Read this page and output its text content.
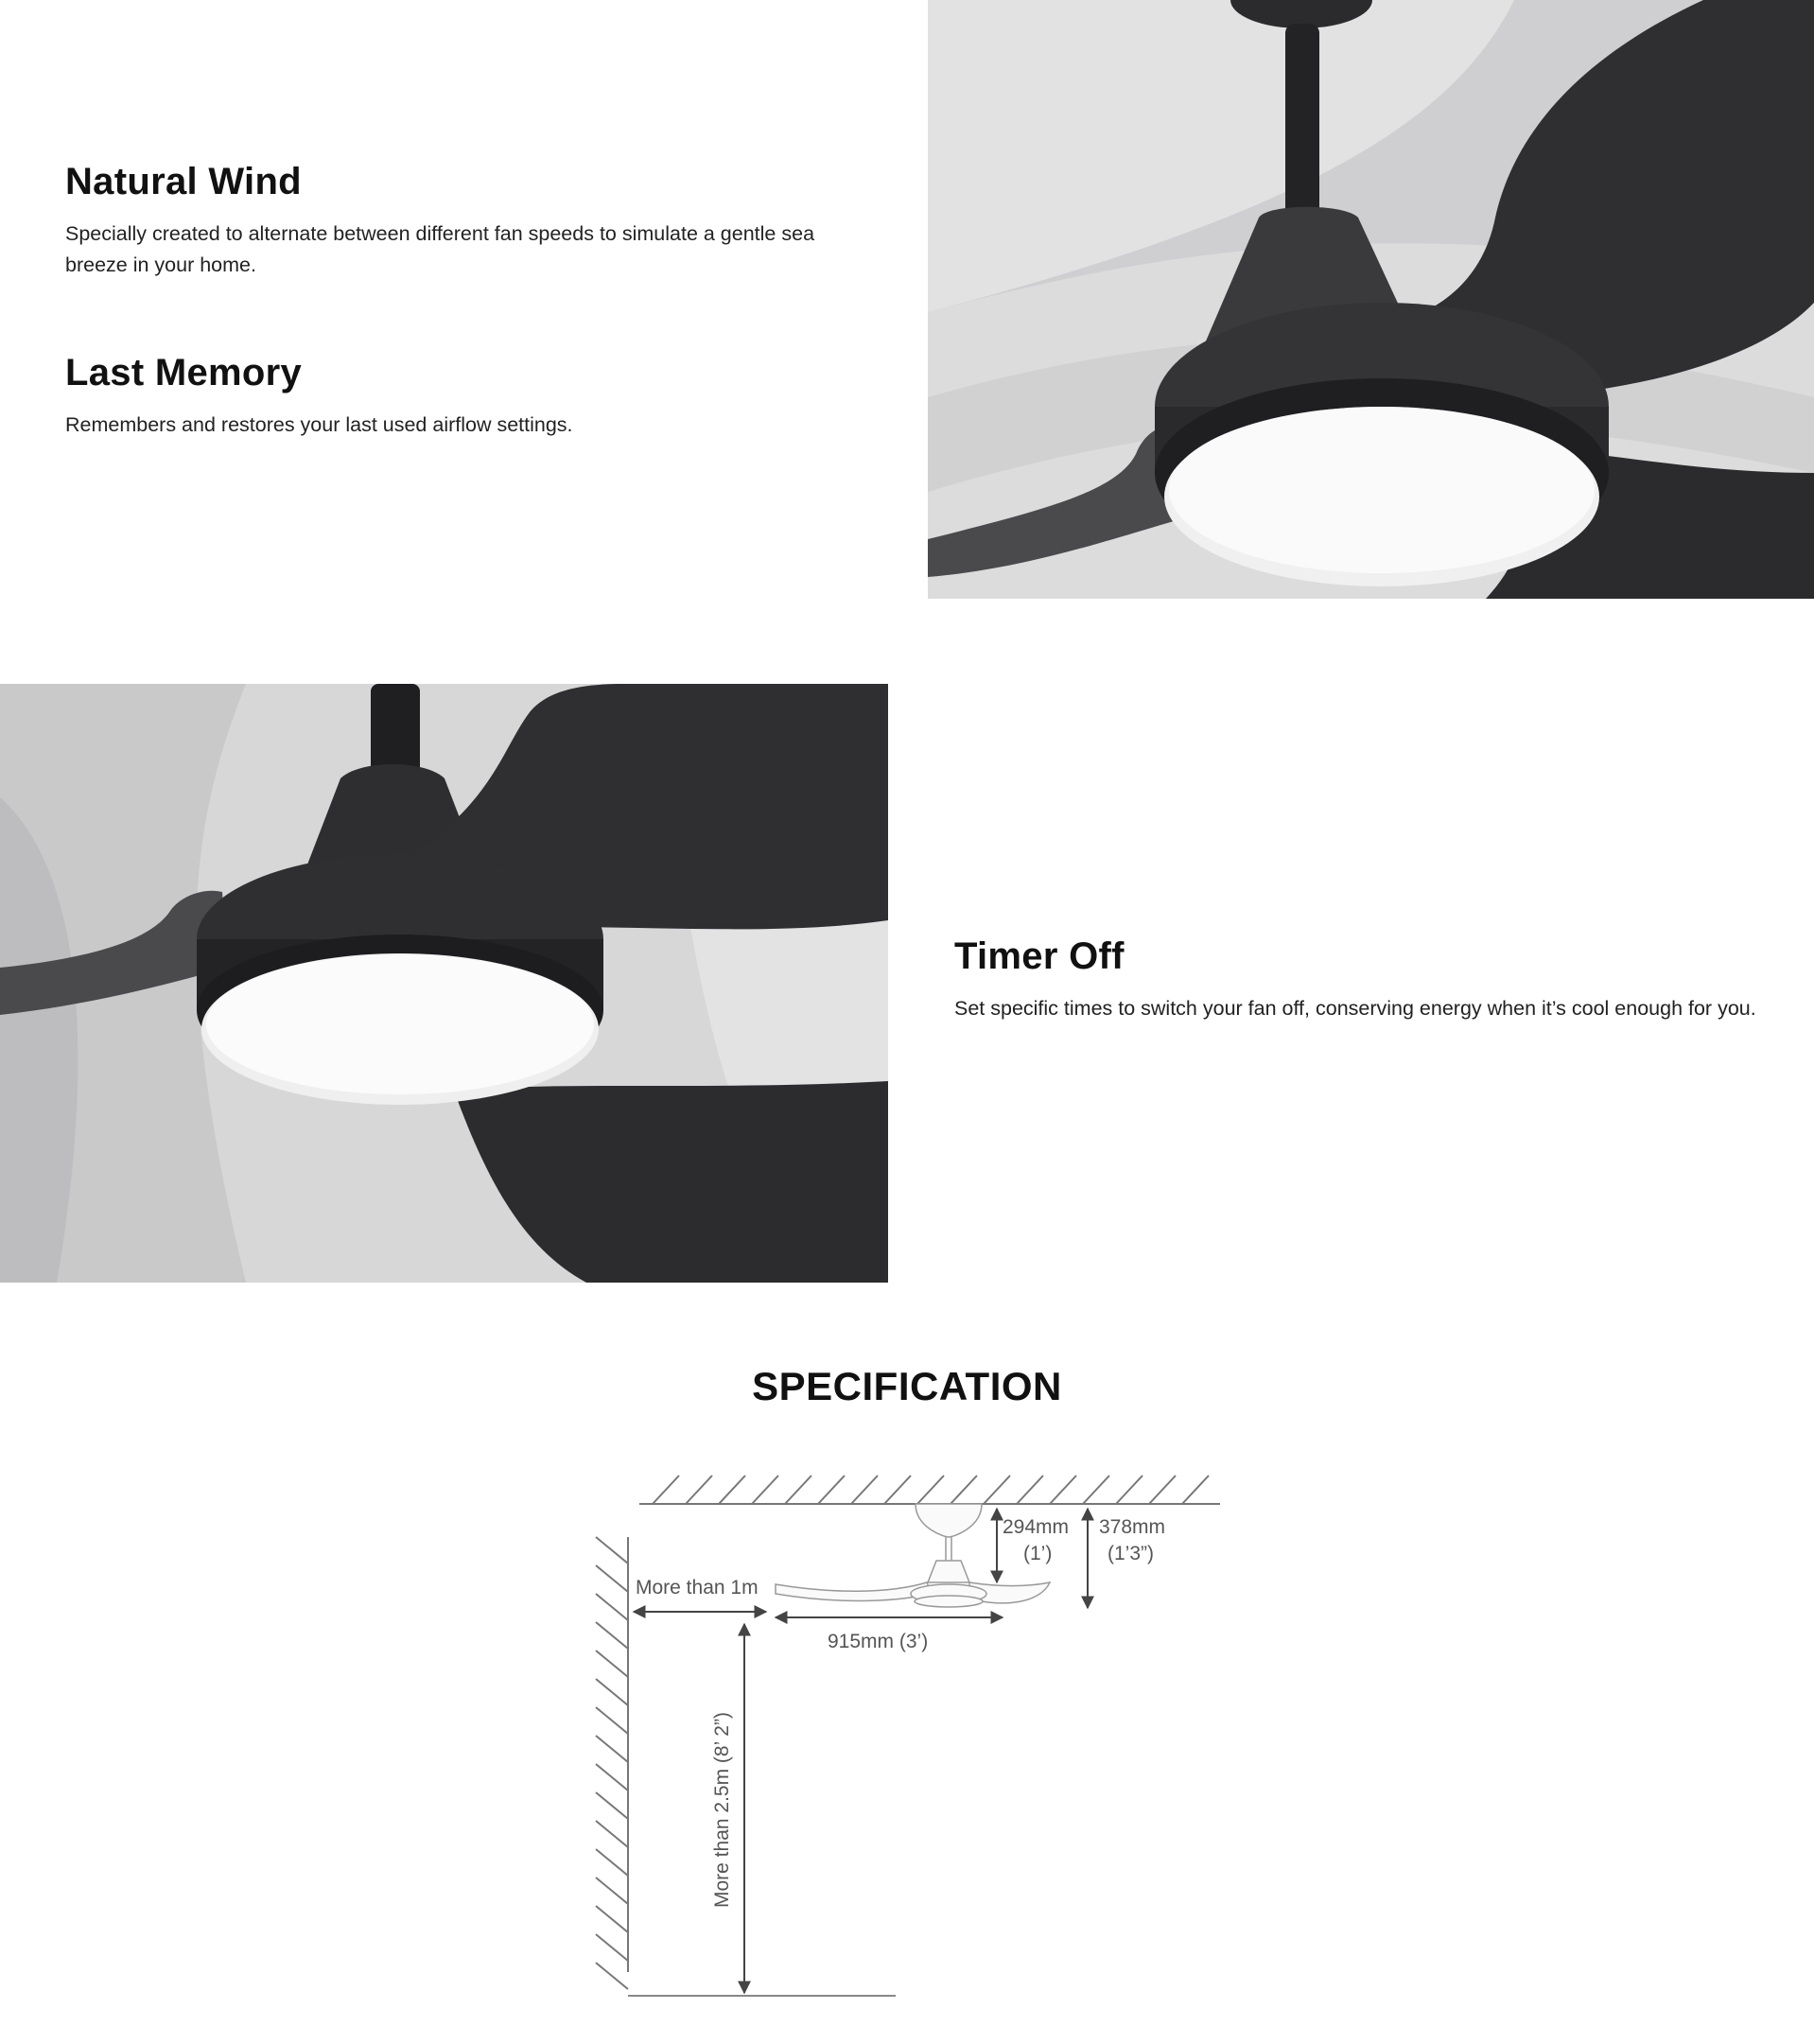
Natural Wind

Specially created to alternate between different fan speeds to simulate a gentle sea breeze in your home.

Last Memory

Remembers and restores your last used airflow settings.

Timer Off

Set specific times to switch your fan off, conserving energy when it’s cool enough for you.

SPECIFICATION
294mm
(1’)
378mm
(1’3”)
More than 1m
915mm (3’)
More than 2.5m (8’ 2”)
